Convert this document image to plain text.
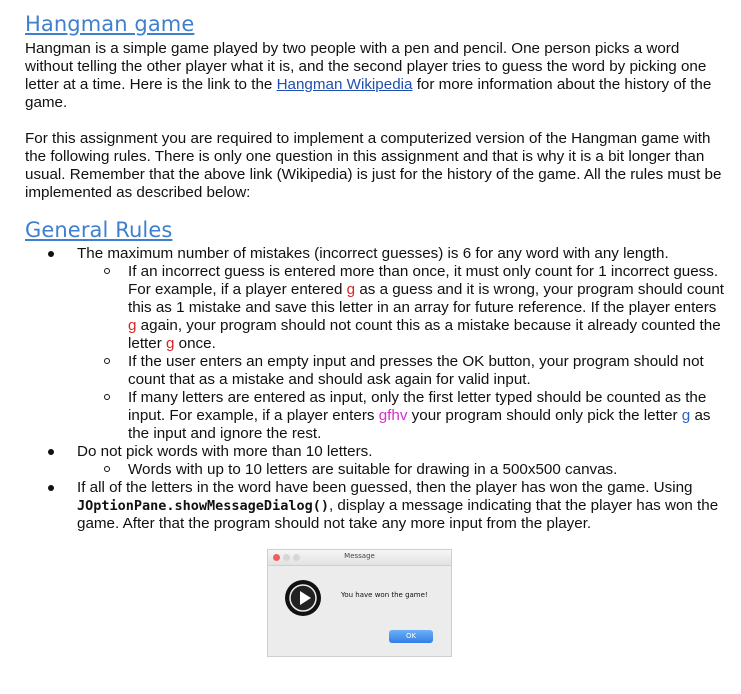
Hangman game

Hangman is a simple game played by two people with a pen and pencil. One person picks a word without telling the other player what it is, and the second player tries to guess the word by picking one letter at a time. Here is the link to the Hangman Wikipedia for more information about the history of the game.

For this assignment you are required to implement a computerized version of the Hangman game with the following rules. There is only one question in this assignment and that is why it is a bit longer than usual. Remember that the above link (Wikipedia) is just for the history of the game. All the rules must be implemented as described below:

General Rules

The maximum number of mistakes (incorrect guesses) is 6 for any word with any length.

If an incorrect guess is entered more than once, it must only count for 1 incorrect guess. For example, if a player entered g as a guess and it is wrong, your program should count this as 1 mistake and save this letter in an array for future reference. If the player enters g again, your program should not count this as a mistake because it already counted the letter g once.

If the user enters an empty input and presses the OK button, your program should not count that as a mistake and should ask again for valid input.

If many letters are entered as input, only the first letter typed should be counted as the input. For example, if a player enters gfhv your program should only pick the letter g as the input and ignore the rest.

Do not pick words with more than 10 letters.

Words with up to 10 letters are suitable for drawing in a 500x500 canvas.

If all of the letters in the word have been guessed, then the player has won the game. Using JOptionPane.showMessageDialog(), display a message indicating that the player has won the game. After that the program should not take any more input from the player.

Message
You have won the game!
OK
